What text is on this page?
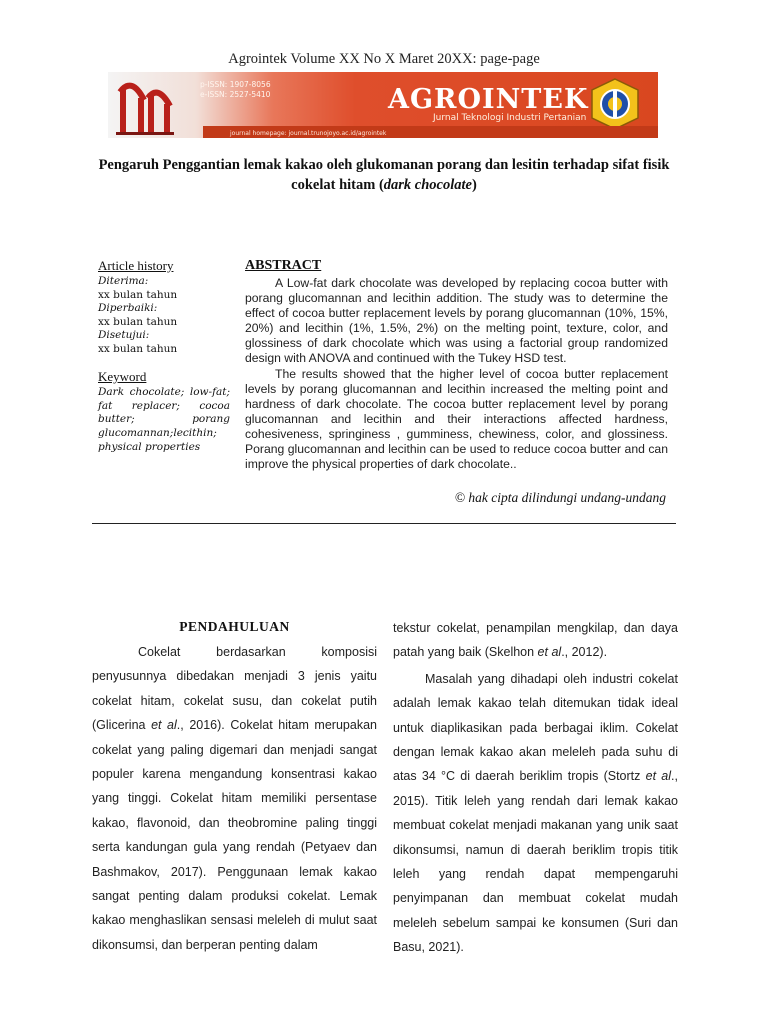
Agrointek Volume XX No X Maret 20XX: page-page
p-ISSN: 1907-8056
e-ISSN: 2527-5410	AGROINTEK
Jurnal Teknologi Industri Pertanian
journal homepage: journal.trunojoyo.ac.id/agrointek
Pengaruh Penggantian lemak kakao oleh glukomanan porang dan lesitin terhadap sifat fisik cokelat hitam (dark chocolate)
Article history
Diterima:
xx bulan tahun
Diperbaiki:
xx bulan tahun
Disetujui:
xx bulan tahun
Keyword
Dark chocolate; low-fat; fat replacer; cocoa butter; porang glucomannan;lecithin; physical properties
ABSTRACT

A Low-fat dark chocolate was developed by replacing cocoa butter with porang glucomannan and lecithin addition. The study was to determine the effect of cocoa butter replacement levels by porang glucomannan (10%, 15%, 20%) and lecithin (1%, 1.5%, 2%) on the melting point, texture, color, and glossiness of dark chocolate which was using a factorial group randomized design with ANOVA and continued with the Tukey HSD test.

The results showed that the higher level of cocoa butter replacement levels by porang glucomannan and lecithin increased the melting point and hardness of dark chocolate. The cocoa butter replacement level by porang glucomannan and lecithin and their interactions affected hardness, cohesiveness, springiness , gumminess, chewiness, color, and glossiness. Porang glucomannan and lecithin can be used to reduce cocoa butter and can improve the physical properties of dark chocolate..

© hak cipta dilindungi undang-undang
PENDAHULUAN

Cokelat berdasarkan komposisi penyusunnya dibedakan menjadi 3 jenis yaitu cokelat hitam, cokelat susu, dan cokelat putih (Glicerina et al., 2016). Cokelat hitam merupakan cokelat yang paling digemari dan menjadi sangat populer karena mengandung konsentrasi kakao yang tinggi. Cokelat hitam memiliki persentase kakao, flavonoid, dan theobromine paling tinggi serta kandungan gula yang rendah (Petyaev dan Bashmakov, 2017). Penggunaan lemak kakao sangat penting dalam produksi cokelat. Lemak kakao menghaslikan sensasi meleleh di mulut saat dikonsumsi, dan berperan penting dalam

tekstur cokelat, penampilan mengkilap, dan daya patah yang baik (Skelhon et al., 2012).

Masalah yang dihadapi oleh industri cokelat adalah lemak kakao telah ditemukan tidak ideal untuk diaplikasikan pada berbagai iklim. Cokelat dengan lemak kakao akan meleleh pada suhu di atas 34 °C di daerah beriklim tropis (Stortz et al., 2015). Titik leleh yang rendah dari lemak kakao membuat cokelat menjadi makanan yang unik saat dikonsumsi, namun di daerah beriklim tropis titik leleh yang rendah dapat mempengaruhi penyimpanan dan membuat cokelat mudah meleleh sebelum sampai ke konsumen (Suri dan Basu, 2021).
